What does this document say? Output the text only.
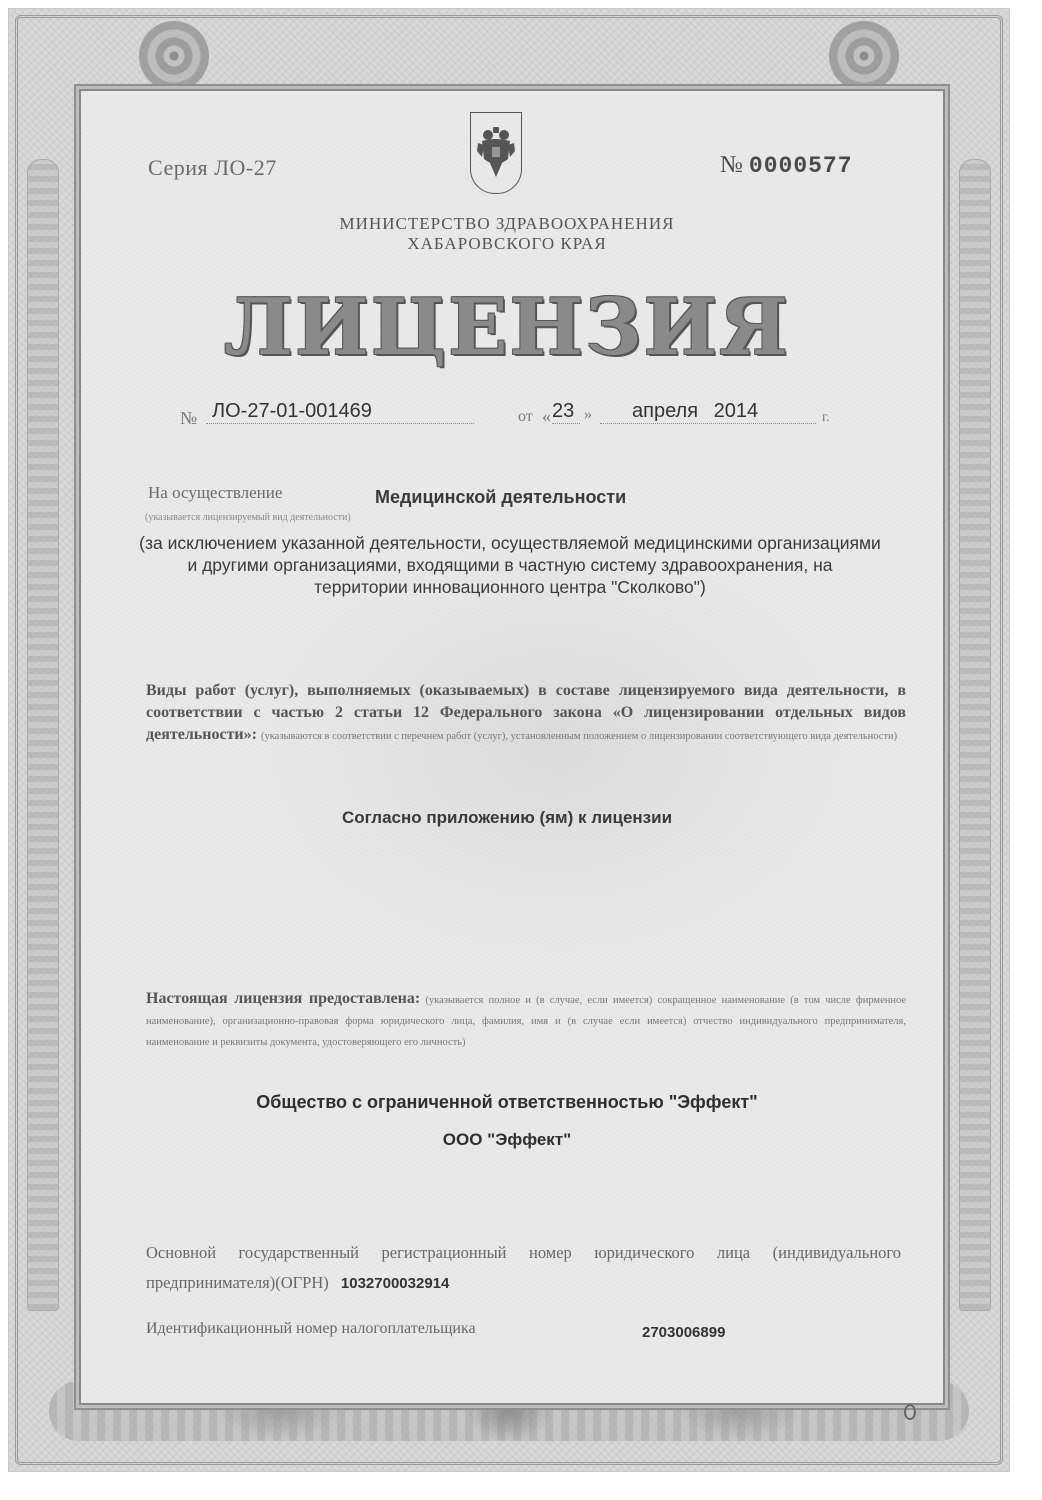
Серия ЛО-27	№ 0000577
МИНИСТЕРСТВО ЗДРАВООХРАНЕНИЯ
ХАБАРОВСКОГО КРАЯ
ЛИЦЕНЗИЯ
№ ЛО-27-01-001469	от « 23 »	апреля 2014	г.
На осуществление	Медицинской деятельности
(указывается лицензируемый вид деятельности)
(за исключением указанной деятельности, осуществляемой медицинскими организациями
и другими организациями, входящими в частную систему здравоохранения, на
территории инновационного центра "Сколково")
Виды работ (услуг), выполняемых (оказываемых) в составе лицензируемого вида деятельности, в соответствии с частью 2 статьи 12 Федерального закона «О лицензировании отдельных видов деятельности»: (указываются в соответствии с перечнем работ (услуг), установленным положением о лицензировании соответствующего вида деятельности)
Согласно приложению (ям) к лицензии
Настоящая лицензия предоставлена: (указывается полное и (в случае, если имеется) сокращенное наименование (в том числе фирменное наименование), организационно-правовая форма юридического лица, фамилия, имя и (в случае если имеется) отчество индивидуального предпринимателя, наименование и реквизиты документа, удостоверяющего его личность)
Общество с ограниченной ответственностью "Эффект"
ООО "Эффект"
Основной государственный регистрационный номер юридического лица (индивидуального предпринимателя)(ОГРН) 1032700032914
Идентификационный номер налогоплательщика	2703006899
